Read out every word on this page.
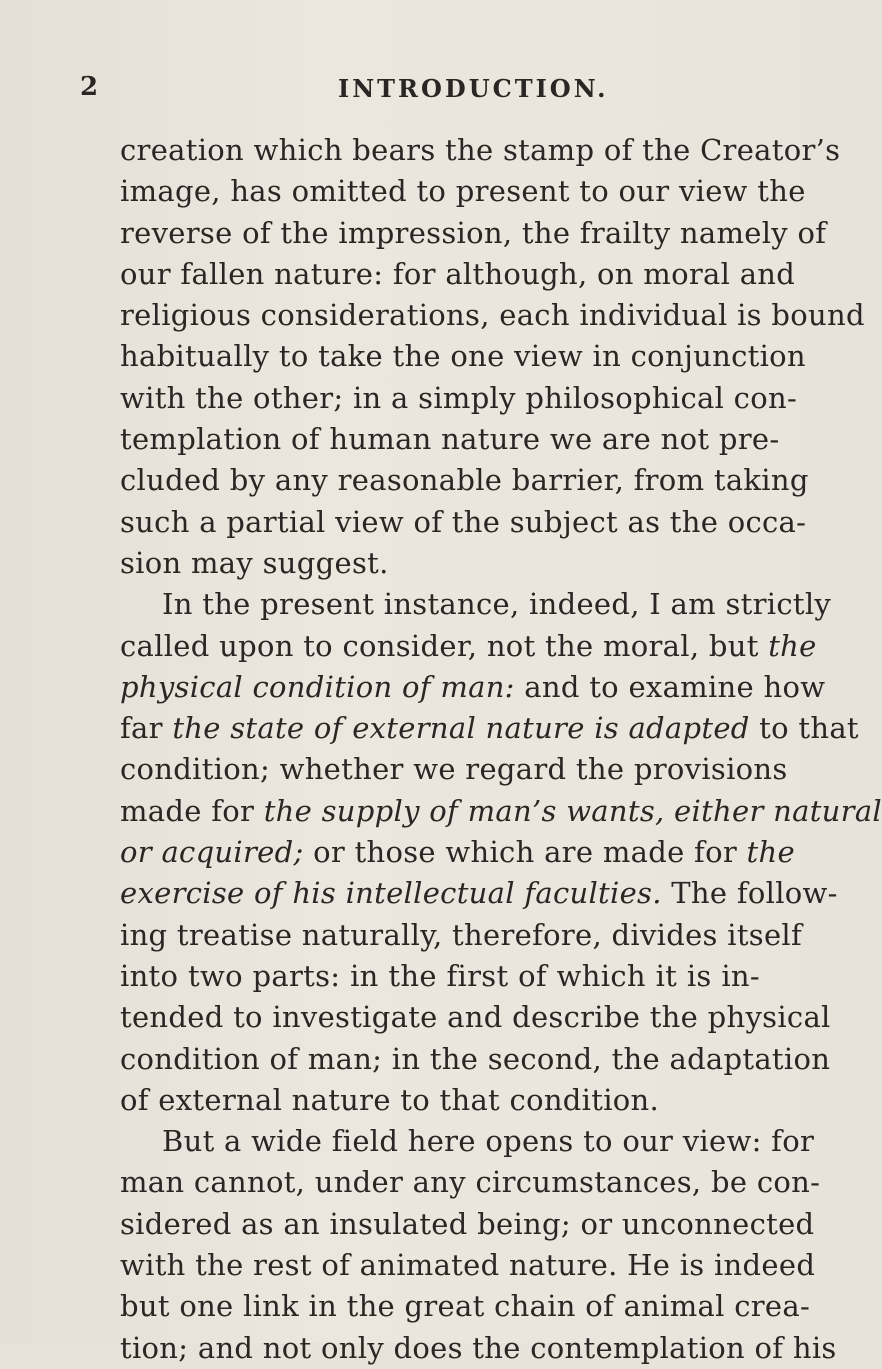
2	INTRODUCTION.
creation which bears the stamp of the Creator’s
image, has omitted to present to our view the
reverse of the impression, the frailty namely of
our fallen nature: for although, on moral and
religious considerations, each individual is bound
habitually to take the one view in conjunction
with the other; in a simply philosophical con-
templation of human nature we are not pre-
cluded by any reasonable barrier, from taking
such a partial view of the subject as the occa-
sion may suggest.
In the present instance, indeed, I am strictly
called upon to consider, not the moral, but the
physical condition of man: and to examine how
far the state of external nature is adapted to that
condition; whether we regard the provisions
made for the supply of man’s wants, either natural
or acquired; or those which are made for the
exercise of his intellectual faculties. The follow-
ing treatise naturally, therefore, divides itself
into two parts: in the first of which it is in-
tended to investigate and describe the physical
condition of man; in the second, the adaptation
of external nature to that condition.
But a wide field here opens to our view: for
man cannot, under any circumstances, be con-
sidered as an insulated being; or unconnected
with the rest of animated nature. He is indeed
but one link in the great chain of animal crea-
tion; and not only does the contemplation of his
